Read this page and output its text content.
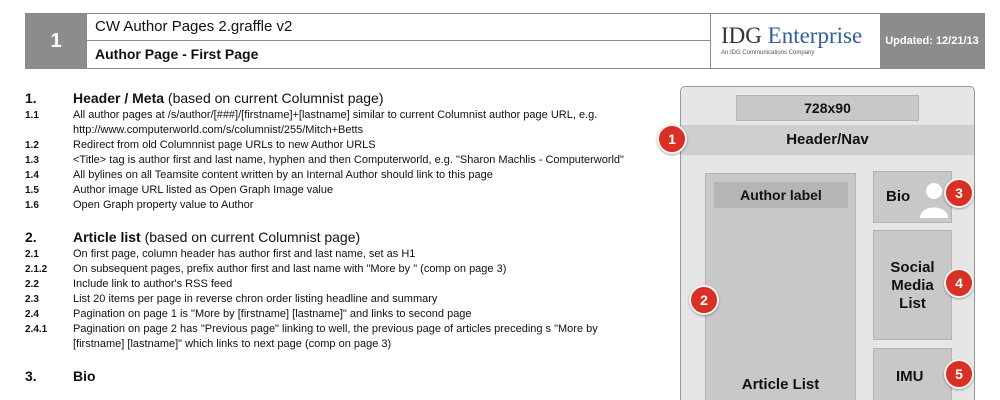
1
CW Author Pages 2.graffle v2
Author Page - First Page
IDG Enterprise
An IDG Communications Company
Updated: 12/21/13
1.	Header / Meta (based on current Columnist page)
1.1	All author pages at /s/author/[###]/[firstname]+[lastname] similar to current Columnist author page URL, e.g. http://www.computerworld.com/s/columnist/255/Mitch+Betts
1.2	Redirect from old Columnnist page URLs to new Author URLS
1.3	<Title> tag is author first and last name, hyphen and then Computerworld, e.g. "Sharon Machlis - Computerworld"
1.4	All bylines on all Teamsite content written by an Internal Author should link to this page
1.5	Author image URL listed as Open Graph Image value
1.6	Open Graph property value to Author
2.	Article list (based on current Columnist page)
2.1	On first page, column header has author first and last name, set as H1
2.1.2 On subsequent pages, prefix author first and last name with "More by " (comp on page 3)
2.2	Include link to author's RSS feed
2.3	List 20 items per page in reverse chron order listing headline and summary
2.4	Pagination on page 1 is "More by [firstname] [lastname]" and links to second page
2.4.1 Pagination on page 2 has "Previous page" linking to well, the previous page of articles preceding s "More by [firstname] [lastname]" which links to next page (comp on page 3)
3.	Bio
728x90
Header/Nav
Author label
Article List
Bio
Social
Media
List
IMU
1
2
3
4
5
